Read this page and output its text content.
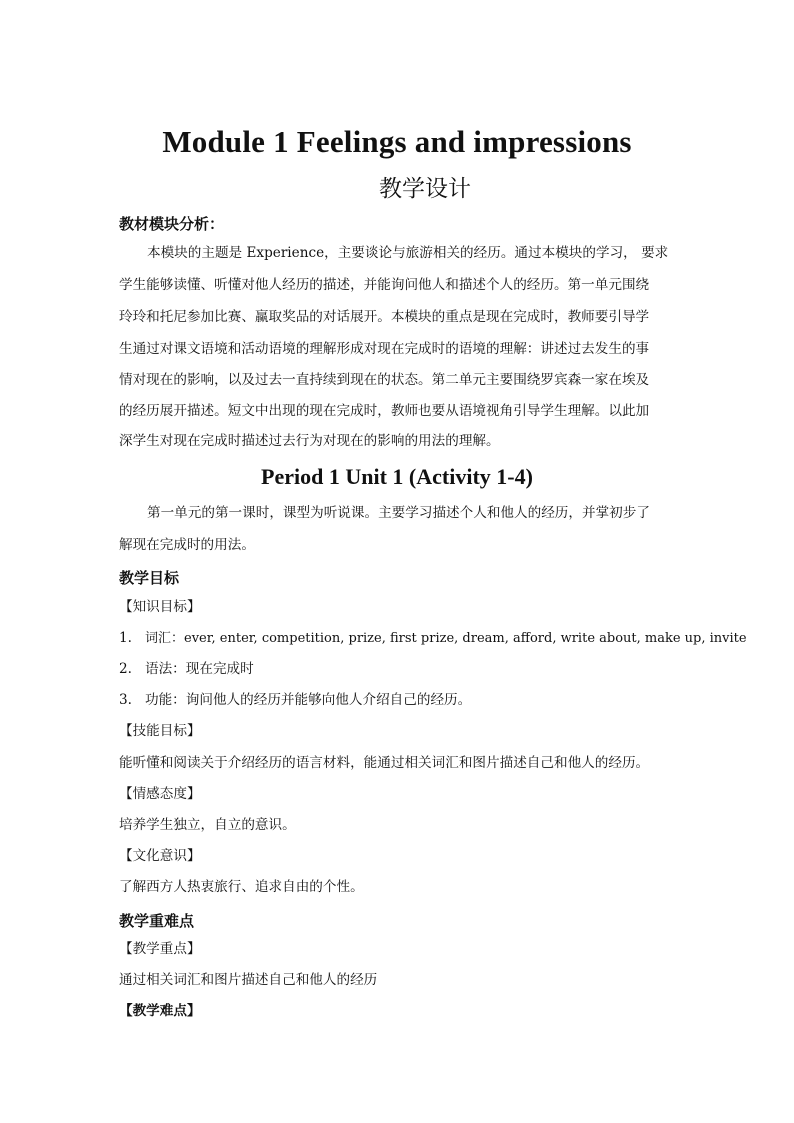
Module 1 Feelings and impressions
教学设计
教材模块分析：
本模块的主题是 Experience，主要谈论与旅游相关的经历。通过本模块的学习， 要求
学生能够读懂、听懂对他人经历的描述，并能询问他人和描述个人的经历。第一单元围绕
玲玲和托尼参加比赛、赢取奖品的对话展开。本模块的重点是现在完成时，教师要引导学
生通过对课文语境和活动语境的理解形成对现在完成时的语境的理解：讲述过去发生的事
情对现在的影响，以及过去一直持续到现在的状态。第二单元主要围绕罗宾森一家在埃及
的经历展开描述。短文中出现的现在完成时，教师也要从语境视角引导学生理解。以此加
深学生对现在完成时描述过去行为对现在的影响的用法的理解。
Period 1 Unit 1 (Activity 1-4)
第一单元的第一课时，课型为听说课。主要学习描述个人和他人的经历，并掌初步了
解现在完成时的用法。
教学目标
【知识目标】
1. 词汇：ever, enter, competition, prize, first prize, dream, afford, write about, make up, invite
2. 语法：现在完成时
3. 功能：询问他人的经历并能够向他人介绍自己的经历。
【技能目标】
能听懂和阅读关于介绍经历的语言材料，能通过相关词汇和图片描述自己和他人的经历。
【情感态度】
培养学生独立，自立的意识。
【文化意识】
了解西方人热衷旅行、追求自由的个性。
教学重难点
【教学重点】
通过相关词汇和图片描述自己和他人的经历
【教学难点】
